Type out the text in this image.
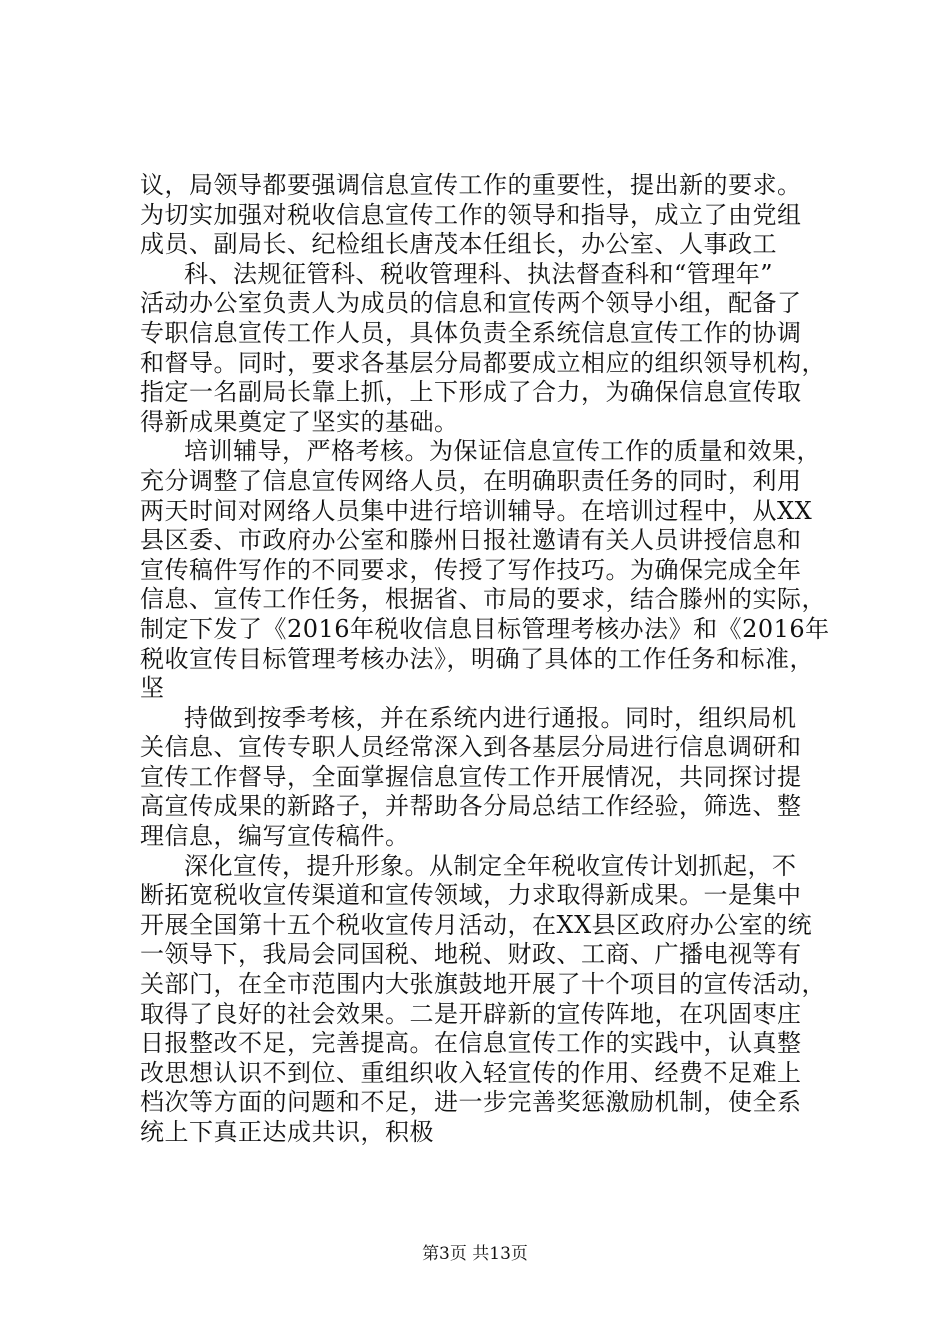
议，局领导都要强调信息宣传工作的重要性，提出新的要求。
为切实加强对税收信息宣传工作的领导和指导，成立了由党组
成员、副局长、纪检组长唐茂本任组长，办公室、人事政工
科、法规征管科、税收管理科、执法督查科和“管理年”
活动办公室负责人为成员的信息和宣传两个领导小组，配备了
专职信息宣传工作人员，具体负责全系统信息宣传工作的协调
和督导。同时，要求各基层分局都要成立相应的组织领导机构，
指定一名副局长靠上抓，上下形成了合力，为确保信息宣传取
得新成果奠定了坚实的基础。
培训辅导，严格考核。为保证信息宣传工作的质量和效果，
充分调整了信息宣传网络人员，在明确职责任务的同时，利用
两天时间对网络人员集中进行培训辅导。在培训过程中，从XX
县区委、市政府办公室和滕州日报社邀请有关人员讲授信息和
宣传稿件写作的不同要求，传授了写作技巧。为确保完成全年
信息、宣传工作任务，根据省、市局的要求，结合滕州的实际，
制定下发了《2016年税收信息目标管理考核办法》和《2016年
税收宣传目标管理考核办法》，明确了具体的工作任务和标准，
坚
持做到按季考核，并在系统内进行通报。同时，组织局机
关信息、宣传专职人员经常深入到各基层分局进行信息调研和
宣传工作督导，全面掌握信息宣传工作开展情况，共同探讨提
高宣传成果的新路子，并帮助各分局总结工作经验，筛选、整
理信息，编写宣传稿件。
深化宣传，提升形象。从制定全年税收宣传计划抓起，不
断拓宽税收宣传渠道和宣传领域，力求取得新成果。一是集中
开展全国第十五个税收宣传月活动，在XX县区政府办公室的统
一领导下，我局会同国税、地税、财政、工商、广播电视等有
关部门，在全市范围内大张旗鼓地开展了十个项目的宣传活动，
取得了良好的社会效果。二是开辟新的宣传阵地，在巩固枣庄
日报整改不足，完善提高。在信息宣传工作的实践中，认真整
改思想认识不到位、重组织收入轻宣传的作用、经费不足难上
档次等方面的问题和不足，进一步完善奖惩激励机制，使全系
统上下真正达成共识，积极
第3页 共13页
